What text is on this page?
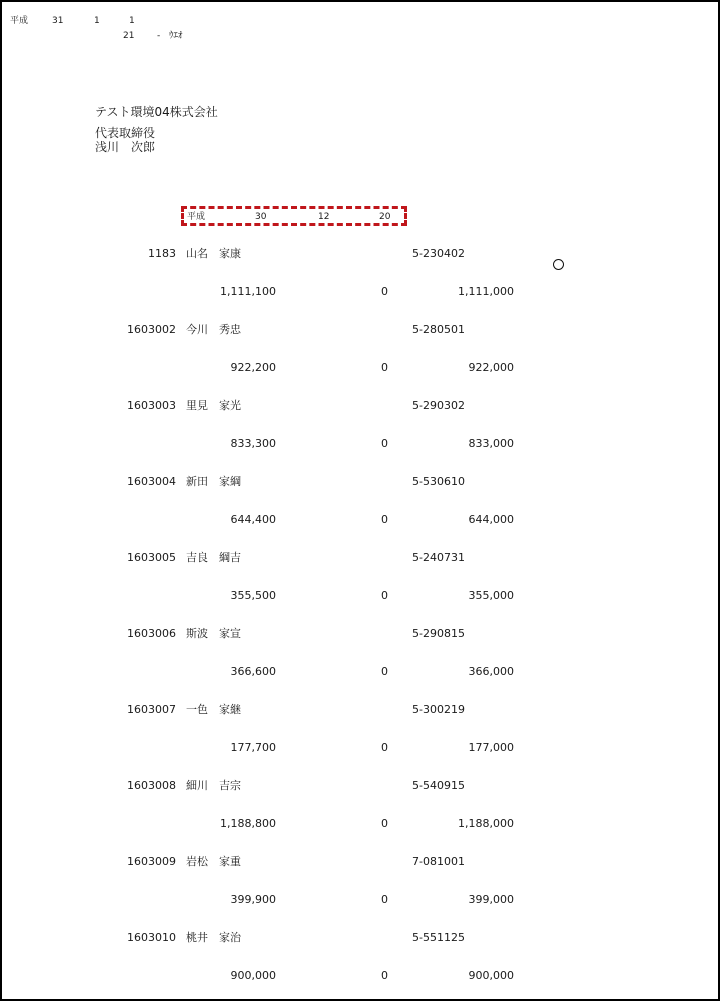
平成	31	1	1
21	- ｳｴｵ
テスト環境04株式会社
代表取締役
浅川　次郎
平成	30	12	20
1183 山名　家康	5-230402
1,111,100	0	1,111,000
1603002 今川　秀忠	5-280501
922,200	0	922,000
1603003 里見　家光	5-290302
833,300	0	833,000
1603004 新田　家綱	5-530610
644,400	0	644,000
1603005 吉良　綱吉	5-240731
355,500	0	355,000
1603006 斯波　家宣	5-290815
366,600	0	366,000
1603007 一色　家継	5-300219
177,700	0	177,000
1603008 細川　吉宗	5-540915
1,188,800	0	1,188,000
1603009 岩松　家重	7-081001
399,900	0	399,000
1603010 桃井　家治	5-551125
900,000	0	900,000
